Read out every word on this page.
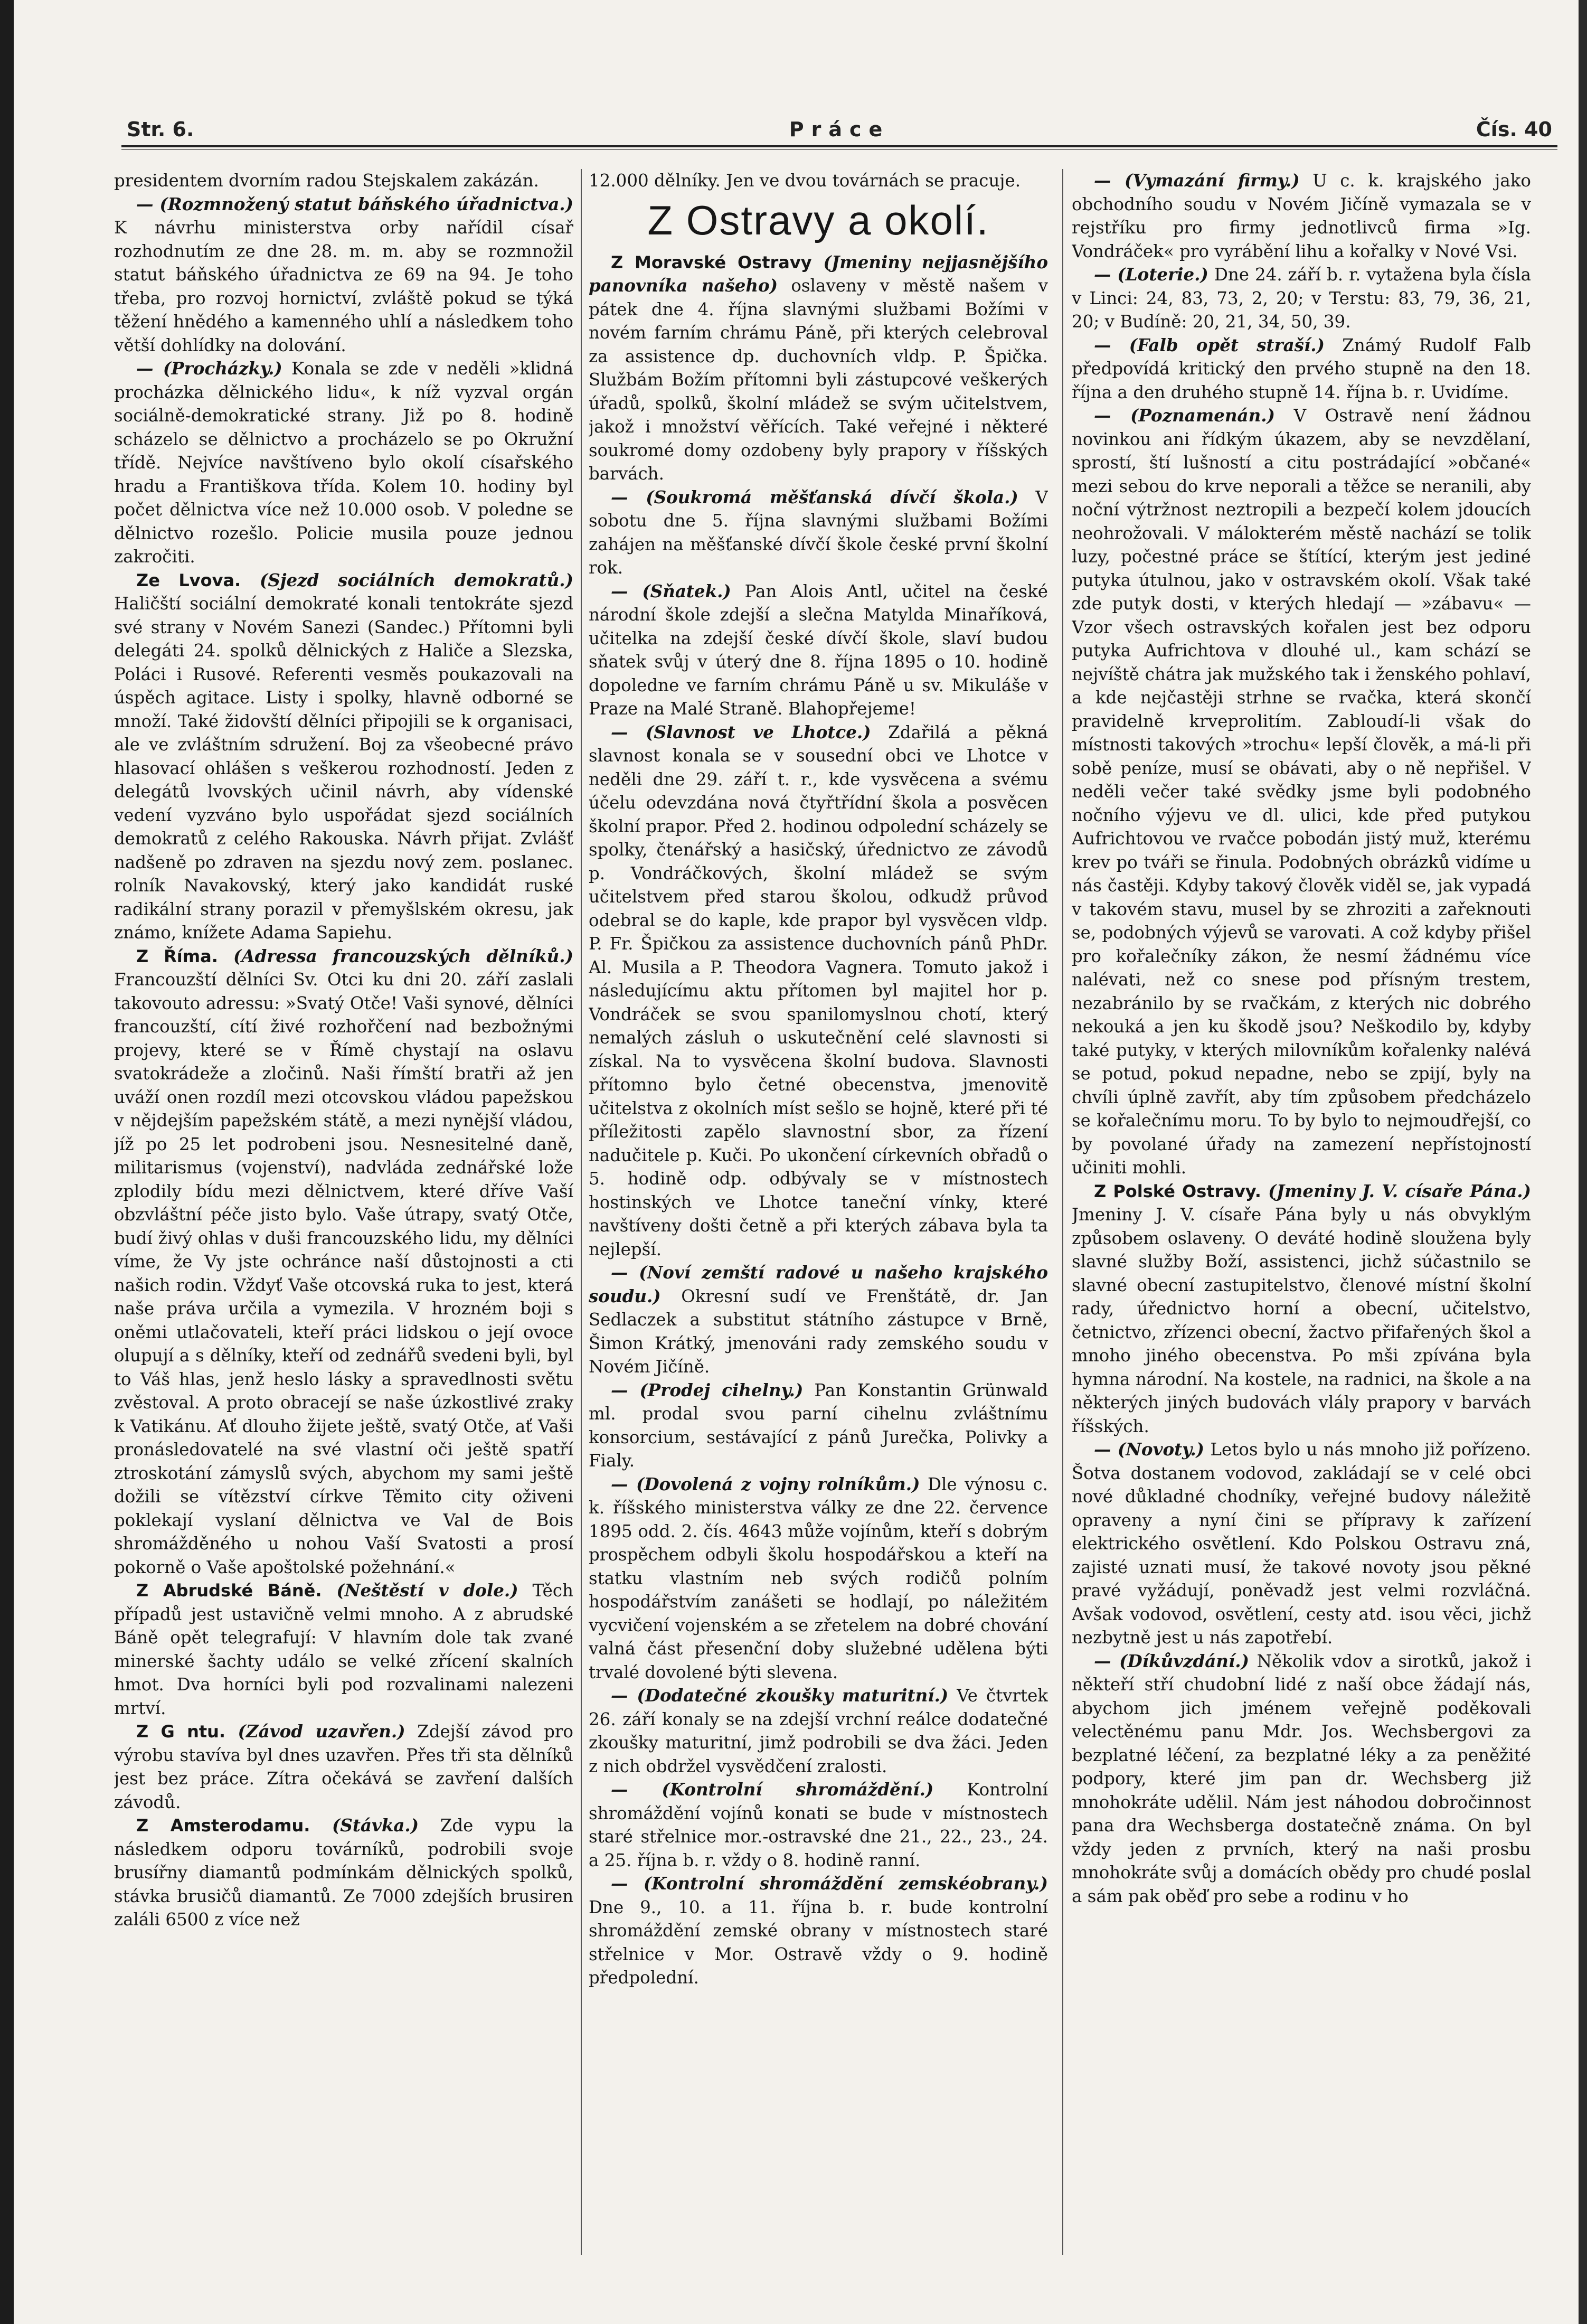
Str. 6.	Práce	Čís. 40

presidentem dvorním radou Stejskalem zakázán.

— (Rozmnožený statut báňského úřadnictva.) K návrhu ministerstva orby nařídil císař rozhodnutím ze dne 28. m. m. aby se rozmnožil statut báňského úřadnictva ze 69 na 94. Je toho třeba, pro rozvoj hornictví, zvláště pokud se týká těžení hnědého a kamenného uhlí a následkem toho větší dohlídky na dolování.

— (Procházky.) Konala se zde v neděli »klidná procházka dělnického lidu«, k níž vyzval orgán sociálně-demokratické strany. Již po 8. hodině scházelo se dělnictvo a procházelo se po Okružní třídě. Nejvíce navštíveno bylo okolí císařského hradu a Františkova třída. Kolem 10. hodiny byl počet dělnictva více než 10.000 osob. V poledne se dělnictvo rozešlo. Policie musila pouze jednou zakročiti.

Ze Lvova. (Sjezd sociálních demokratů.) Haličští sociální demokraté konali tentokráte sjezd své strany v Novém Sanezi (Sandec.) Přítomni byli delegáti 24. spolků dělnických z Haliče a Slezska, Poláci i Rusové. Referenti vesměs poukazovali na úspěch agitace. Listy i spolky, hlavně odborné se množí. Také židovští dělníci připojili se k organisaci, ale ve zvláštním sdružení. Boj za všeobecné právo hlasovací ohlášen s veškerou rozhodností. Jeden z delegátů lvovských učinil návrh, aby vídenské vedení vyzváno bylo uspořádat sjezd sociálních demokratů z celého Rakouska. Návrh přijat. Zvlášť nadšeně po zdraven na sjezdu nový zem. poslanec. rolník Navakovský, který jako kandidát ruské radikální strany porazil v přemyšlském okresu, jak známo, knížete Adama Sapiehu.

Z Říma. (Adressa francouzských dělníků.) Francouzští dělníci Sv. Otci ku dni 20. září zaslali takovouto adressu: »Svatý Otče! Vaši synové, dělníci francouzští, cítí živé rozhořčení nad bezbožnými projevy, které se v Římě chystají na oslavu svatokrádeže a zločinů. Naši římští bratři až jen uváží onen rozdíl mezi otcovskou vládou papežskou v nějdejším papežském státě, a mezi nynější vládou, jíž po 25 let podrobeni jsou. Nesnesitelné daně, militarismus (vojenství), nadvláda zednářské lože zplodily bídu mezi dělnictvem, které dříve Vaší obzvláštní péče jisto bylo. Vaše útrapy, svatý Otče, budí živý ohlas v duši francouzského lidu, my dělníci víme, že Vy jste ochránce naší důstojnosti a cti našich rodin. Vždyť Vaše otcovská ruka to jest, která naše práva určila a vymezila. V hrozném boji s oněmi utlačovateli, kteří práci lidskou o její ovoce olupují a s dělníky, kteří od zednářů svedeni byli, byl to Váš hlas, jenž heslo lásky a spravedlnosti světu zvěstoval. A proto obracejí se naše úzkostlivé zraky k Vatikánu. Ať dlouho žijete ještě, svatý Otče, ať Vaši pronásledovatelé na své vlastní oči ještě spatří ztroskotání zámyslů svých, abychom my sami ještě dožili se vítězství církve Těmito city oživeni poklekají vyslaní dělnictva ve Val de Bois shromážděného u nohou Vaší Svatosti a prosí pokorně o Vaše apoštolské požehnání.«

Z Abrudské Báně. (Neštěstí v dole.) Těch případů jest ustavičně velmi mnoho. A z abrudské Báně opět telegrafují: V hlavním dole tak zvané minerské šachty událo se velké zřícení skalních hmot. Dva horníci byli pod rozvalinami nalezeni mrtví.

Z G ntu. (Závod uzavřen.) Zdejší závod pro výrobu stavíva byl dnes uzavřen. Přes tři sta dělníků jest bez práce. Zítra očekává se zavření dalších závodů.

Z Amsterodamu. (Stávka.) Zde vypu la následkem odporu továrníků, podrobili svoje brusířny diamantů podmínkám dělnických spolků, stávka brusičů diamantů. Ze 7000 zdejších brusiren zaláli 6500 z více než

12.000 dělníky. Jen ve dvou továrnách se pracuje.

Z Ostravy a okolí.

Z Moravské Ostravy (Jmeniny nejjasnějšího panovníka našeho) oslaveny v městě našem v pátek dne 4. října slavnými službami Božími v novém farním chrámu Páně, při kterých celebroval za assistence dp. duchovních vldp. P. Špička. Službám Božím přítomni byli zástupcové veškerých úřadů, spolků, školní mládež se svým učitelstvem, jakož i množství věřících. Také veřejné i některé soukromé domy ozdobeny byly prapory v říšských barvách.

— (Soukromá měšťanská dívčí škola.) V sobotu dne 5. října slavnými službami Božími zahájen na měšťanské dívčí škole české první školní rok.

— (Sňatek.) Pan Alois Antl, učitel na české národní škole zdejší a slečna Matylda Minaříková, učitelka na zdejší české dívčí škole, slaví budou sňatek svůj v úterý dne 8. října 1895 o 10. hodině dopoledne ve farním chrámu Páně u sv. Mikuláše v Praze na Malé Straně. Blahopřejeme!

— (Slavnost ve Lhotce.) Zdařilá a pěkná slavnost konala se v sousední obci ve Lhotce v neděli dne 29. září t. r., kde vysvěcena a svému účelu odevzdána nová čtyřtřídní škola a posvěcen školní prapor. Před 2. hodinou odpolední scházely se spolky, čtenářský a hasičský, úřednictvo ze závodů p. Vondráčkových, školní mládež se svým učitelstvem před starou školou, odkudž průvod odebral se do kaple, kde prapor byl vysvěcen vldp. P. Fr. Špičkou za assistence duchovních pánů PhDr. Al. Musila a P. Theodora Vagnera. Tomuto jakož i následujícímu aktu přítomen byl majitel hor p. Vondráček se svou spanilomyslnou chotí, který nemalých zásluh o uskutečnění celé slavnosti si získal. Na to vysvěcena školní budova. Slavnosti přítomno bylo četné obecenstva, jmenovitě učitelstva z okolních míst sešlo se hojně, které při té příležitosti zapělo slavnostní sbor, za řízení nadučitele p. Kuči. Po ukončení církevních obřadů o 5. hodině odp. odbývaly se v místnostech hostinských ve Lhotce taneční vínky, které navštíveny došti četně a při kterých zábava byla ta nejlepší.

— (Noví zemští radové u našeho krajského soudu.) Okresní sudí ve Frenštátě, dr. Jan Sedlaczek a substitut státního zástupce v Brně, Šimon Krátký, jmenováni rady zemského soudu v Novém Jičíně.

— (Prodej cihelny.) Pan Konstantin Grünwald ml. prodal svou parní cihelnu zvláštnímu konsorcium, sestávající z pánů Jurečka, Polivky a Fialy.

— (Dovolená z vojny rolníkům.) Dle výnosu c. k. říšského ministerstva války ze dne 22. července 1895 odd. 2. čís. 4643 může vojínům, kteří s dobrým prospěchem odbyli školu hospodářskou a kteří na statku vlastním neb svých rodičů polním hospodářstvím zanášeti se hodlají, po náležitém vycvičení vojenském a se zřetelem na dobré chování valná část přesenční doby služebné udělena býti trvalé dovolené býti slevena.

— (Dodatečné zkoušky maturitní.) Ve čtvrtek 26. září konaly se na zdejší vrchní reálce dodatečné zkoušky maturitní, jimž podrobili se dva žáci. Jeden z nich obdržel vysvědčení zralosti.

— (Kontrolní shromáždění.) Kontrolní shromáždění vojínů konati se bude v místnostech staré střelnice mor.-ostravské dne 21., 22., 23., 24. a 25. října b. r. vždy o 8. hodině ranní.

— (Kontrolní shromáždění zemskéobrany.) Dne 9., 10. a 11. října b. r. bude kontrolní shromáždění zemské obrany v místnostech staré střelnice v Mor. Ostravě vždy o 9. hodině předpolední.

— (Vymazání firmy.) U c. k. krajského jako obchodního soudu v Novém Jičíně vymazala se v rejstříku pro firmy jednotlivců firma »Ig. Vondráček« pro vyrábění lihu a kořalky v Nové Vsi.

— (Loterie.) Dne 24. září b. r. vytažena byla čísla v Linci: 24, 83, 73, 2, 20; v Terstu: 83, 79, 36, 21, 20; v Budíně: 20, 21, 34, 50, 39.

— (Falb opět straší.) Známý Rudolf Falb předpovídá kritický den prvého stupně na den 18. října a den druhého stupně 14. října b. r. Uvidíme.

— (Poznamenán.) V Ostravě není žádnou novinkou ani řídkým úkazem, aby se nevzdělaní, sprostí, ští lušností a citu postrádající »občané« mezi sebou do krve neporali a těžce se neranili, aby noční výtržnost neztropili a bezpečí kolem jdoucích neohrožovali. V málokterém městě nachází se tolik luzy, počestné práce se štítící, kterým jest jediné putyka útulnou, jako v ostravském okolí. Však také zde putyk dosti, v kterých hledají — »zábavu« — Vzor všech ostravských kořalen jest bez odporu putyka Aufrichtova v dlouhé ul., kam schází se nejvíště chátra jak mužského tak i ženského pohlaví, a kde nejčastěji strhne se rvačka, která skončí pravidelně krveprolitím. Zabloudí-li však do místnosti takových »trochu« lepší člověk, a má-li při sobě peníze, musí se obávati, aby o ně nepřišel. V neděli večer také svědky jsme byli podobného nočního výjevu ve dl. ulici, kde před putykou Aufrichtovou ve rvačce pobodán jistý muž, kterému krev po tváři se řinula. Podobných obrázků vidíme u nás častěji. Kdyby takový člověk viděl se, jak vypadá v takovém stavu, musel by se zhroziti a zařeknouti se, podobných výjevů se varovati. A což kdyby přišel pro kořalečníky zákon, že nesmí žádnému více nalévati, než co snese pod přísným trestem, nezabránilo by se rvačkám, z kterých nic dobrého nekouká a jen ku škodě jsou? Neškodilo by, kdyby také putyky, v kterých milovníkům kořalenky nalévá se potud, pokud nepadne, nebo se zpijí, byly na chvíli úplně zavřít, aby tím způsobem předcházelo se kořalečnímu moru. To by bylo to nejmoudřejší, co by povolané úřady na zamezení nepřístojností učiniti mohli.

Z Polské Ostravy. (Jmeniny J. V. císaře Pána.) Jmeniny J. V. císaře Pána byly u nás obvyklým způsobem oslaveny. O deváté hodině sloužena byly slavné služby Boží, assistenci, jichž súčastnilo se slavné obecní zastupitelstvo, členové místní školní rady, úřednictvo horní a obecní, učitelstvo, četnictvo, zřízenci obecní, žactvo přifařených škol a mnoho jiného obecenstva. Po mši zpívána byla hymna národní. Na kostele, na radnici, na škole a na některých jiných budovách vlály prapory v barvách říšských.

— (Novoty.) Letos bylo u nás mnoho již pořízeno. Šotva dostanem vodovod, zakládají se v celé obci nové důkladné chodníky, veřejné budovy náležitě opraveny a nyní čini se přípravy k zařízení elektrického osvětlení. Kdo Polskou Ostravu zná, zajisté uznati musí, že takové novoty jsou pěkné pravé vyžádují, poněvadž jest velmi rozvláčná. Avšak vodovod, osvětlení, cesty atd. isou věci, jichž nezbytně jest u nás zapotřebí.

— (Díkůvzdání.) Několik vdov a sirotků, jakož i někteří stří chudobní lidé z naší obce žádají nás, abychom jich jménem veřejně poděkovali velectěnému panu Mdr. Jos. Wechsbergovi za bezplatné léčení, za bezplatné léky a za peněžité podpory, které jim pan dr. Wechsberg již mnohokráte udělil. Nám jest náhodou dobročinnost pana dra Wechsberga dostatečně známa. On byl vždy jeden z prvních, který na naši prosbu mnohokráte svůj a domácích obědy pro chudé poslal a sám pak oběď pro sebe a rodinu v ho
